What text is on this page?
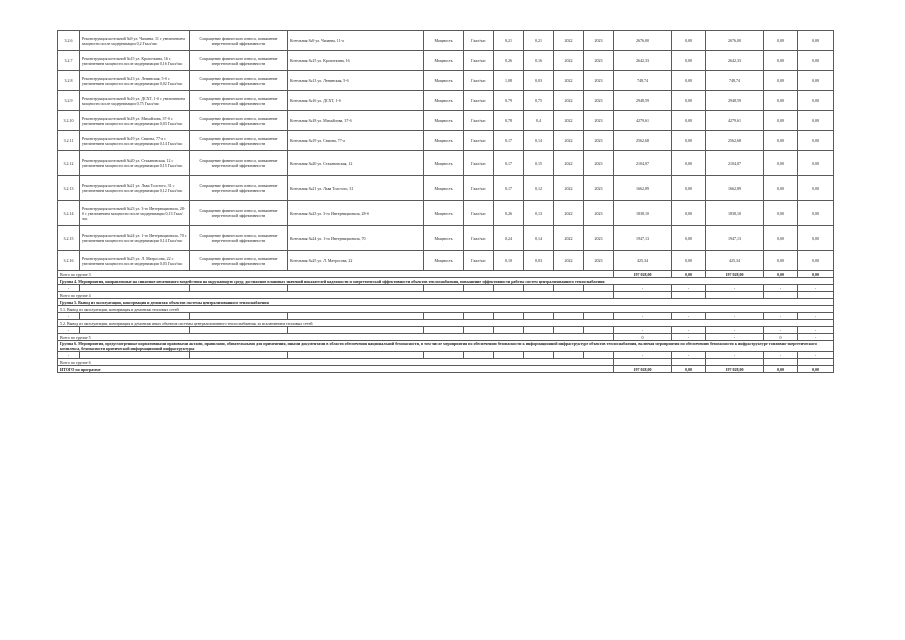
3.2.6	Реконструкция котельной №9 ул. Чапаева, 11 с увеличением мощности после модернизации 0,2 Гкал/час	Сокращение физического износа, повышение энергетической эффективности	Котельная №9 ул. Чапаева, 11-а	Мощность	Гкал/час	0,21	0,21	2022	2023	2676,00	0,00	2676,00	0,00	0,00
3.2.7	Реконструкция котельной №15 ул. Кропоткина, 16 с увеличением мощности после модернизации 0,16 Гкал/час	Сокращение физического износа, повышение энергетической эффективности	Котельная №15 ул. Кропоткина, 16	Мощность	Гкал/час	0,26	0,16	2022	2023	2642,33	0,00	2642,33	0,00	0,00
3.2.8	Реконструкция котельной №13 ул. Ленинская, 5-б с увеличением мощности после модернизации 0,02 Гкал/час	Сокращение физического износа, повышение энергетической эффективности	Котельная №13 ул. Ленинская, 5-б	Мощность	Гкал/час	1,08	0,03	2022	2023	748,74	0,00	748,74	0,00	0,00
3.2.9	Реконструкция котельной №16 ул. ДСХТ, 1-б с увеличением мощности после модернизации 0,75 Гкал/час	Сокращение физического износа, повышение энергетической эффективности	Котельная №16 ул. ДСХТ, 1-б	Мощность	Гкал/час	0,79	0,75	2022	2023	2948,59	0,00	2948,59	0,00	0,00
3.2.10	Реконструкция котельной №18 ул. Михайлова, 37-б с увеличением мощности после модернизации 0,03 Гкал/час	Сокращение физического износа, повышение энергетической эффективности	Котельная №18 ул. Михайлова, 37-б	Мощность	Гкал/час	0,78	0,4	2022	2023	4279,61	0,00	4279,61	0,00	0,00
3.2.11	Реконструкция котельной №19 ул. Свиона, 77-а с увеличением мощности после модернизации 0,14 Гкал/час	Сокращение физического износа, повышение энергетической эффективности	Котельная №19 ул. Свиона, 77-а	Мощность	Гкал/час	0,17	0,14	2022	2023	2562,68	0,00	2562,68	0,00	0,00
3.2.12	Реконструкция котельной №20 ул. Стахановская, 12 с увеличением мощности после модернизации 0,15 Гкал/час	Сокращение физического износа, повышение энергетической эффективности	Котельная №20 ул. Стахановская, 12	Мощность	Гкал/час	0,17	0,15	2022	2023	2104,07	0,00	2104,07	0,00	0,00
3.2.13	Реконструкция котельной №21 ул. Льва Толстого, 31 с увеличением мощности после модернизации 0,12 Гкал/час	Сокращение физического износа, повышение энергетической эффективности	Котельная №21 ул. Льва Толстого, 31	Мощность	Гкал/час	0,17	0,12	2022	2023	1662,89	0,00	1662,89	0,00	0,00
3.2.14	Реконструкция котельной №23 ул. 3-го Интернационала, 28-б с увеличением мощности после модернизации 0,13 Гкал/час	Сокращение физического износа, повышение энергетической эффективности	Котельная №23 ул. 3-го Интернационала, 28-б	Мощность	Гкал/час	0,26	0,13	2022	2023	1838,10	0,00	1838,10	0,00	0,00
3.2.15	Реконструкция котельной №24 ул. 1-го Интернационала, 70 с увеличением мощности после модернизации 0,14 Гкал/час	Сокращение физического износа, повышение энергетической эффективности	Котельная №24 ул. 1-го Интернационала, 70	Мощность	Гкал/час	0,24	0,14	2022	2023	1947,13	0,00	1947,13	0,00	0,00
3.2.16	Реконструкция котельной №25 ул. Л. Матросова, 22 с увеличением мощности после модернизации 0,03 Гкал/час	Сокращение физического износа, повышение энергетической эффективности	Котельная №25 ул. Л. Матросова, 22	Мощность	Гкал/час	0,10	0,03	2022	2023	425,34	0,00	425,34	0,00	0,00
Всего по группе 3										197 028,00	0,00	197 028,00	0,00	0,00
Группа 4. Мероприятия, направленные на снижение негативного воздействия на окружающую среду, достижение плановых значений показателей надежности и энергетической эффективности объектов теплоснабжения, повышение эффективности работы систем централизованного теплоснабжения														
-										-	-	-	-	-
Всего по группе 4														
Группа 5. Вывод из эксплуатации, консервация и демонтаж объектов системы централизованного теплоснабжения														
5.1. Вывод из эксплуатации, консервация и демонтаж тепловых сетей														
-										-	-	-	-	-
5.2. Вывод из эксплуатации, консервация и демонтаж иных объектов системы централизованного теплоснабжения, за исключением тепловых сетей														
-										-	-	-	-	-
Всего по группе 5										0	-	-	0	-
Группа 6. Мероприятия, предусмотренные нормативными правовыми актами, правилами, обязательными для применения, иными документами в области обеспечения национальной безопасности, в том числе мероприятия по обеспечению безопасности к информационной инфраструктуре объектов теплоснабжения, включая мероприятия по обеспечению безопасности к инфраструктуре топливно-энергетического комплекса, безопасности критической информационной инфраструктуры														
-										-	-	-	-	-
Всего по группе 6														
ИТОГО по программе										197 028,00	0,00	197 028,00	0,00	0,00
